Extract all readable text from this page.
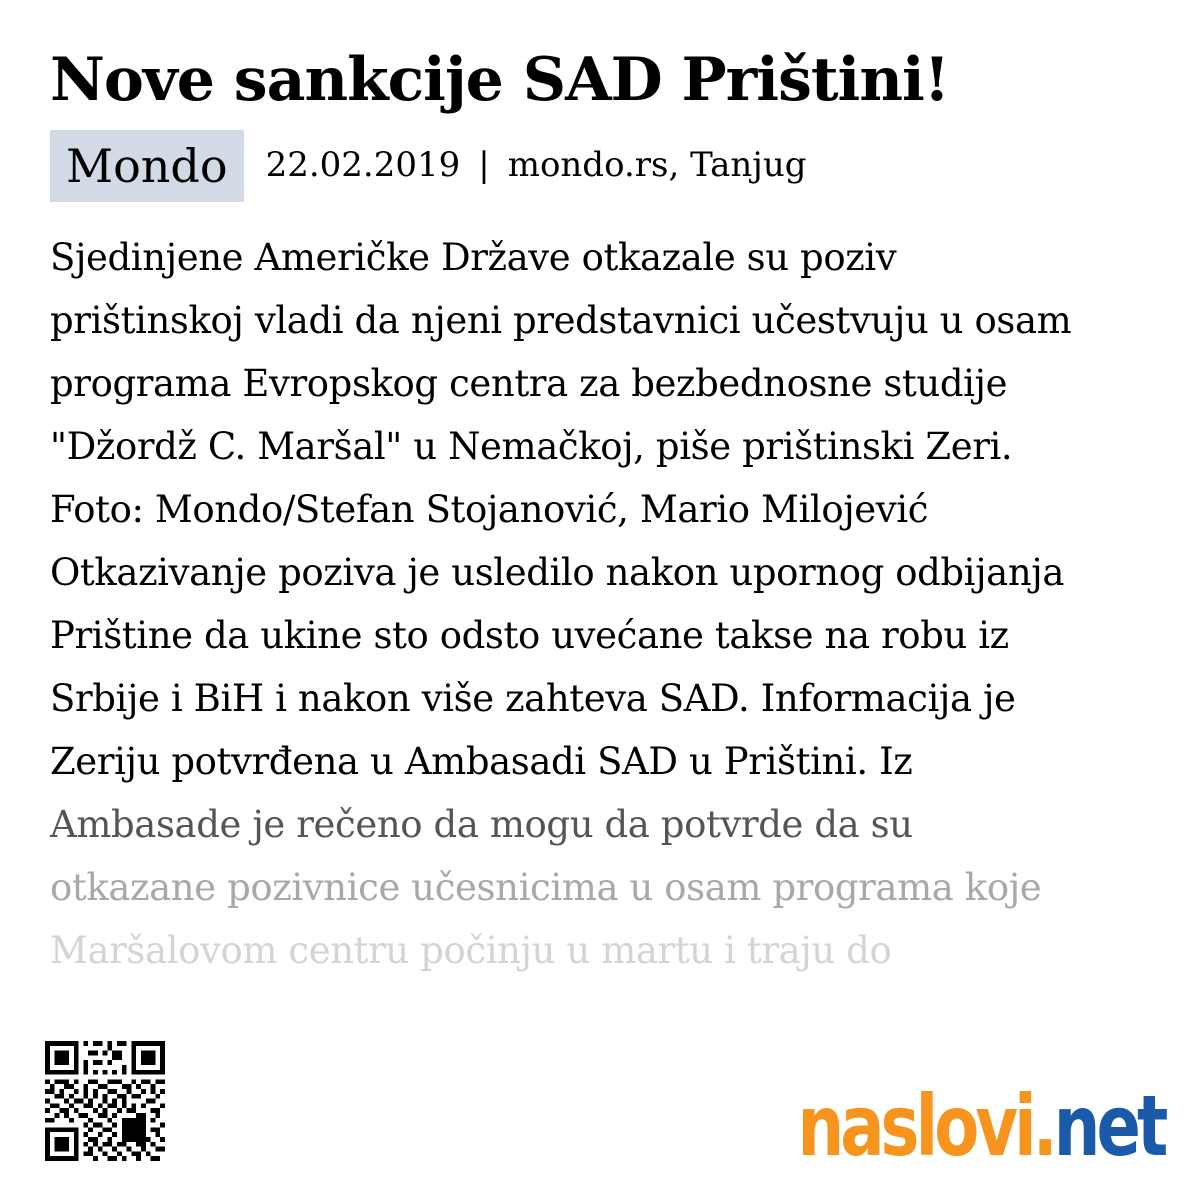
Nove sankcije SAD Prištini!
Mondo	22.02.2019 | mondo.rs, Tanjug
Sjedinjene Američke Države otkazale su poziv
prištinskoj vladi da njeni predstavnici učestvuju u osam
programa Evropskog centra za bezbednosne studije
"Džordž C. Maršal" u Nemačkoj, piše prištinski Zeri.
Foto: Mondo/Stefan Stojanović, Mario Milojević
Otkazivanje poziva je usledilo nakon upornog odbijanja
Prištine da ukine sto odsto uvećane takse na robu iz
Srbije i BiH i nakon više zahteva SAD. Informacija je
Zeriju potvrđena u Ambasadi SAD u Prištini. Iz
Ambasade je rečeno da mogu da potvrde da su
otkazane pozivnice učesnicima u osam programa koje
Maršalovom centru počinju u martu i traju do
naslovi . net
